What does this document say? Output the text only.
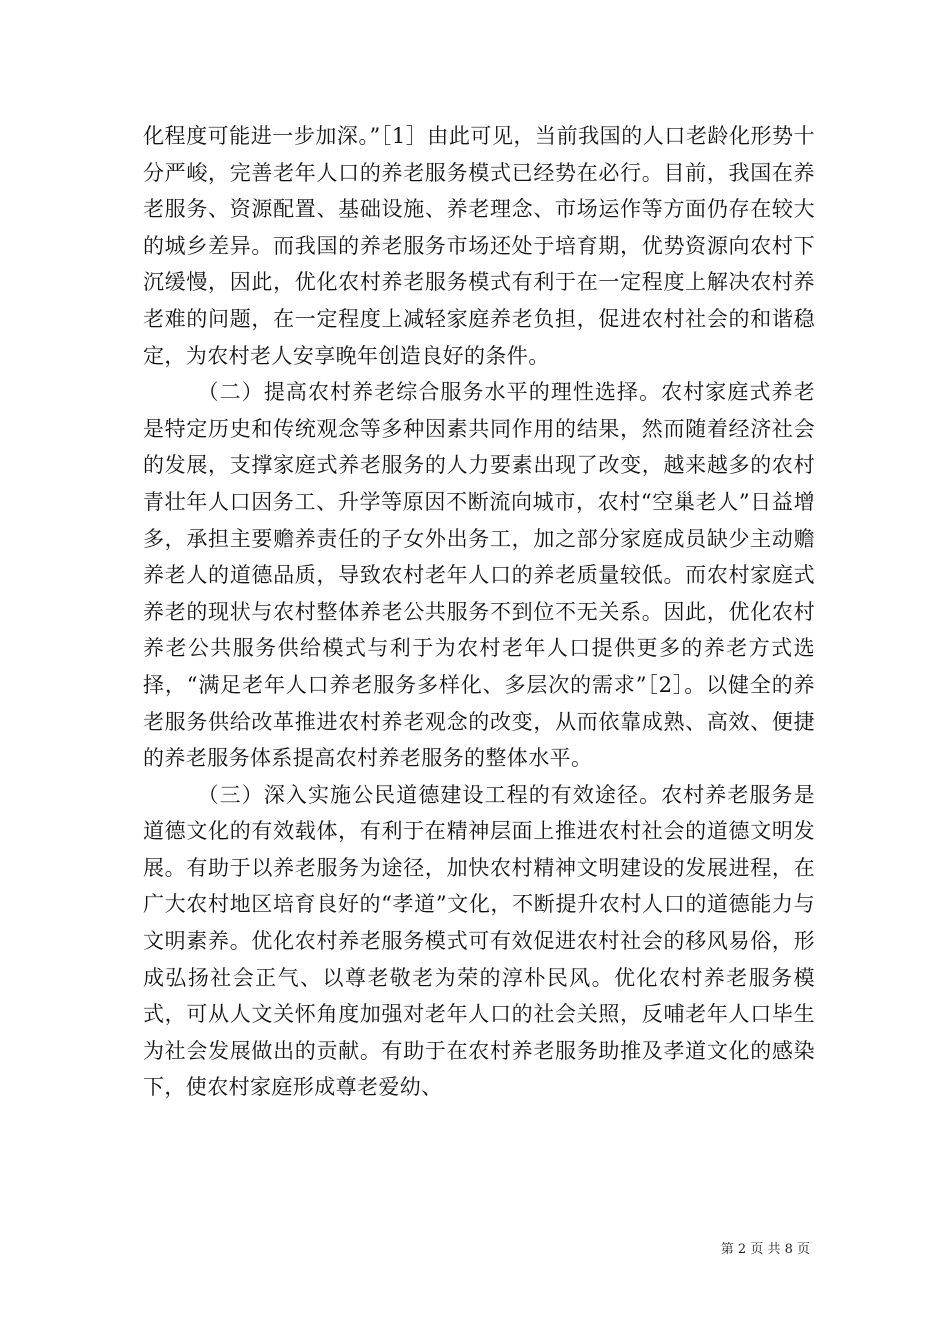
化程度可能进一步加深。”［1］由此可见，当前我国的人口老龄化形势十分严峻，完善老年人口的养老服务模式已经势在必行。目前，我国在养老服务、资源配置、基础设施、养老理念、市场运作等方面仍存在较大的城乡差异。而我国的养老服务市场还处于培育期，优势资源向农村下沉缓慢，因此，优化农村养老服务模式有利于在一定程度上解决农村养老难的问题，在一定程度上减轻家庭养老负担，促进农村社会的和谐稳定，为农村老人安享晚年创造良好的条件。

（二）提高农村养老综合服务水平的理性选择。农村家庭式养老是特定历史和传统观念等多种因素共同作用的结果，然而随着经济社会的发展，支撑家庭式养老服务的人力要素出现了改变，越来越多的农村青壮年人口因务工、升学等原因不断流向城市，农村“空巢老人”日益增多，承担主要赡养责任的子女外出务工，加之部分家庭成员缺少主动赡养老人的道德品质，导致农村老年人口的养老质量较低。而农村家庭式养老的现状与农村整体养老公共服务不到位不无关系。因此，优化农村养老公共服务供给模式与利于为农村老年人口提供更多的养老方式选择，“满足老年人口养老服务多样化、多层次的需求”［2］。以健全的养老服务供给改革推进农村养老观念的改变，从而依靠成熟、高效、便捷的养老服务体系提高农村养老服务的整体水平。

（三）深入实施公民道德建设工程的有效途径。农村养老服务是道德文化的有效载体，有利于在精神层面上推进农村社会的道德文明发展。有助于以养老服务为途径，加快农村精神文明建设的发展进程，在广大农村地区培育良好的“孝道”文化，不断提升农村人口的道德能力与文明素养。优化农村养老服务模式可有效促进农村社会的移风易俗，形成弘扬社会正气、以尊老敬老为荣的淳朴民风。优化农村养老服务模式，可从人文关怀角度加强对老年人口的社会关照，反哺老年人口毕生为社会发展做出的贡献。有助于在农村养老服务助推及孝道文化的感染下，使农村家庭形成尊老爱幼、

第 2 页 共 8 页
